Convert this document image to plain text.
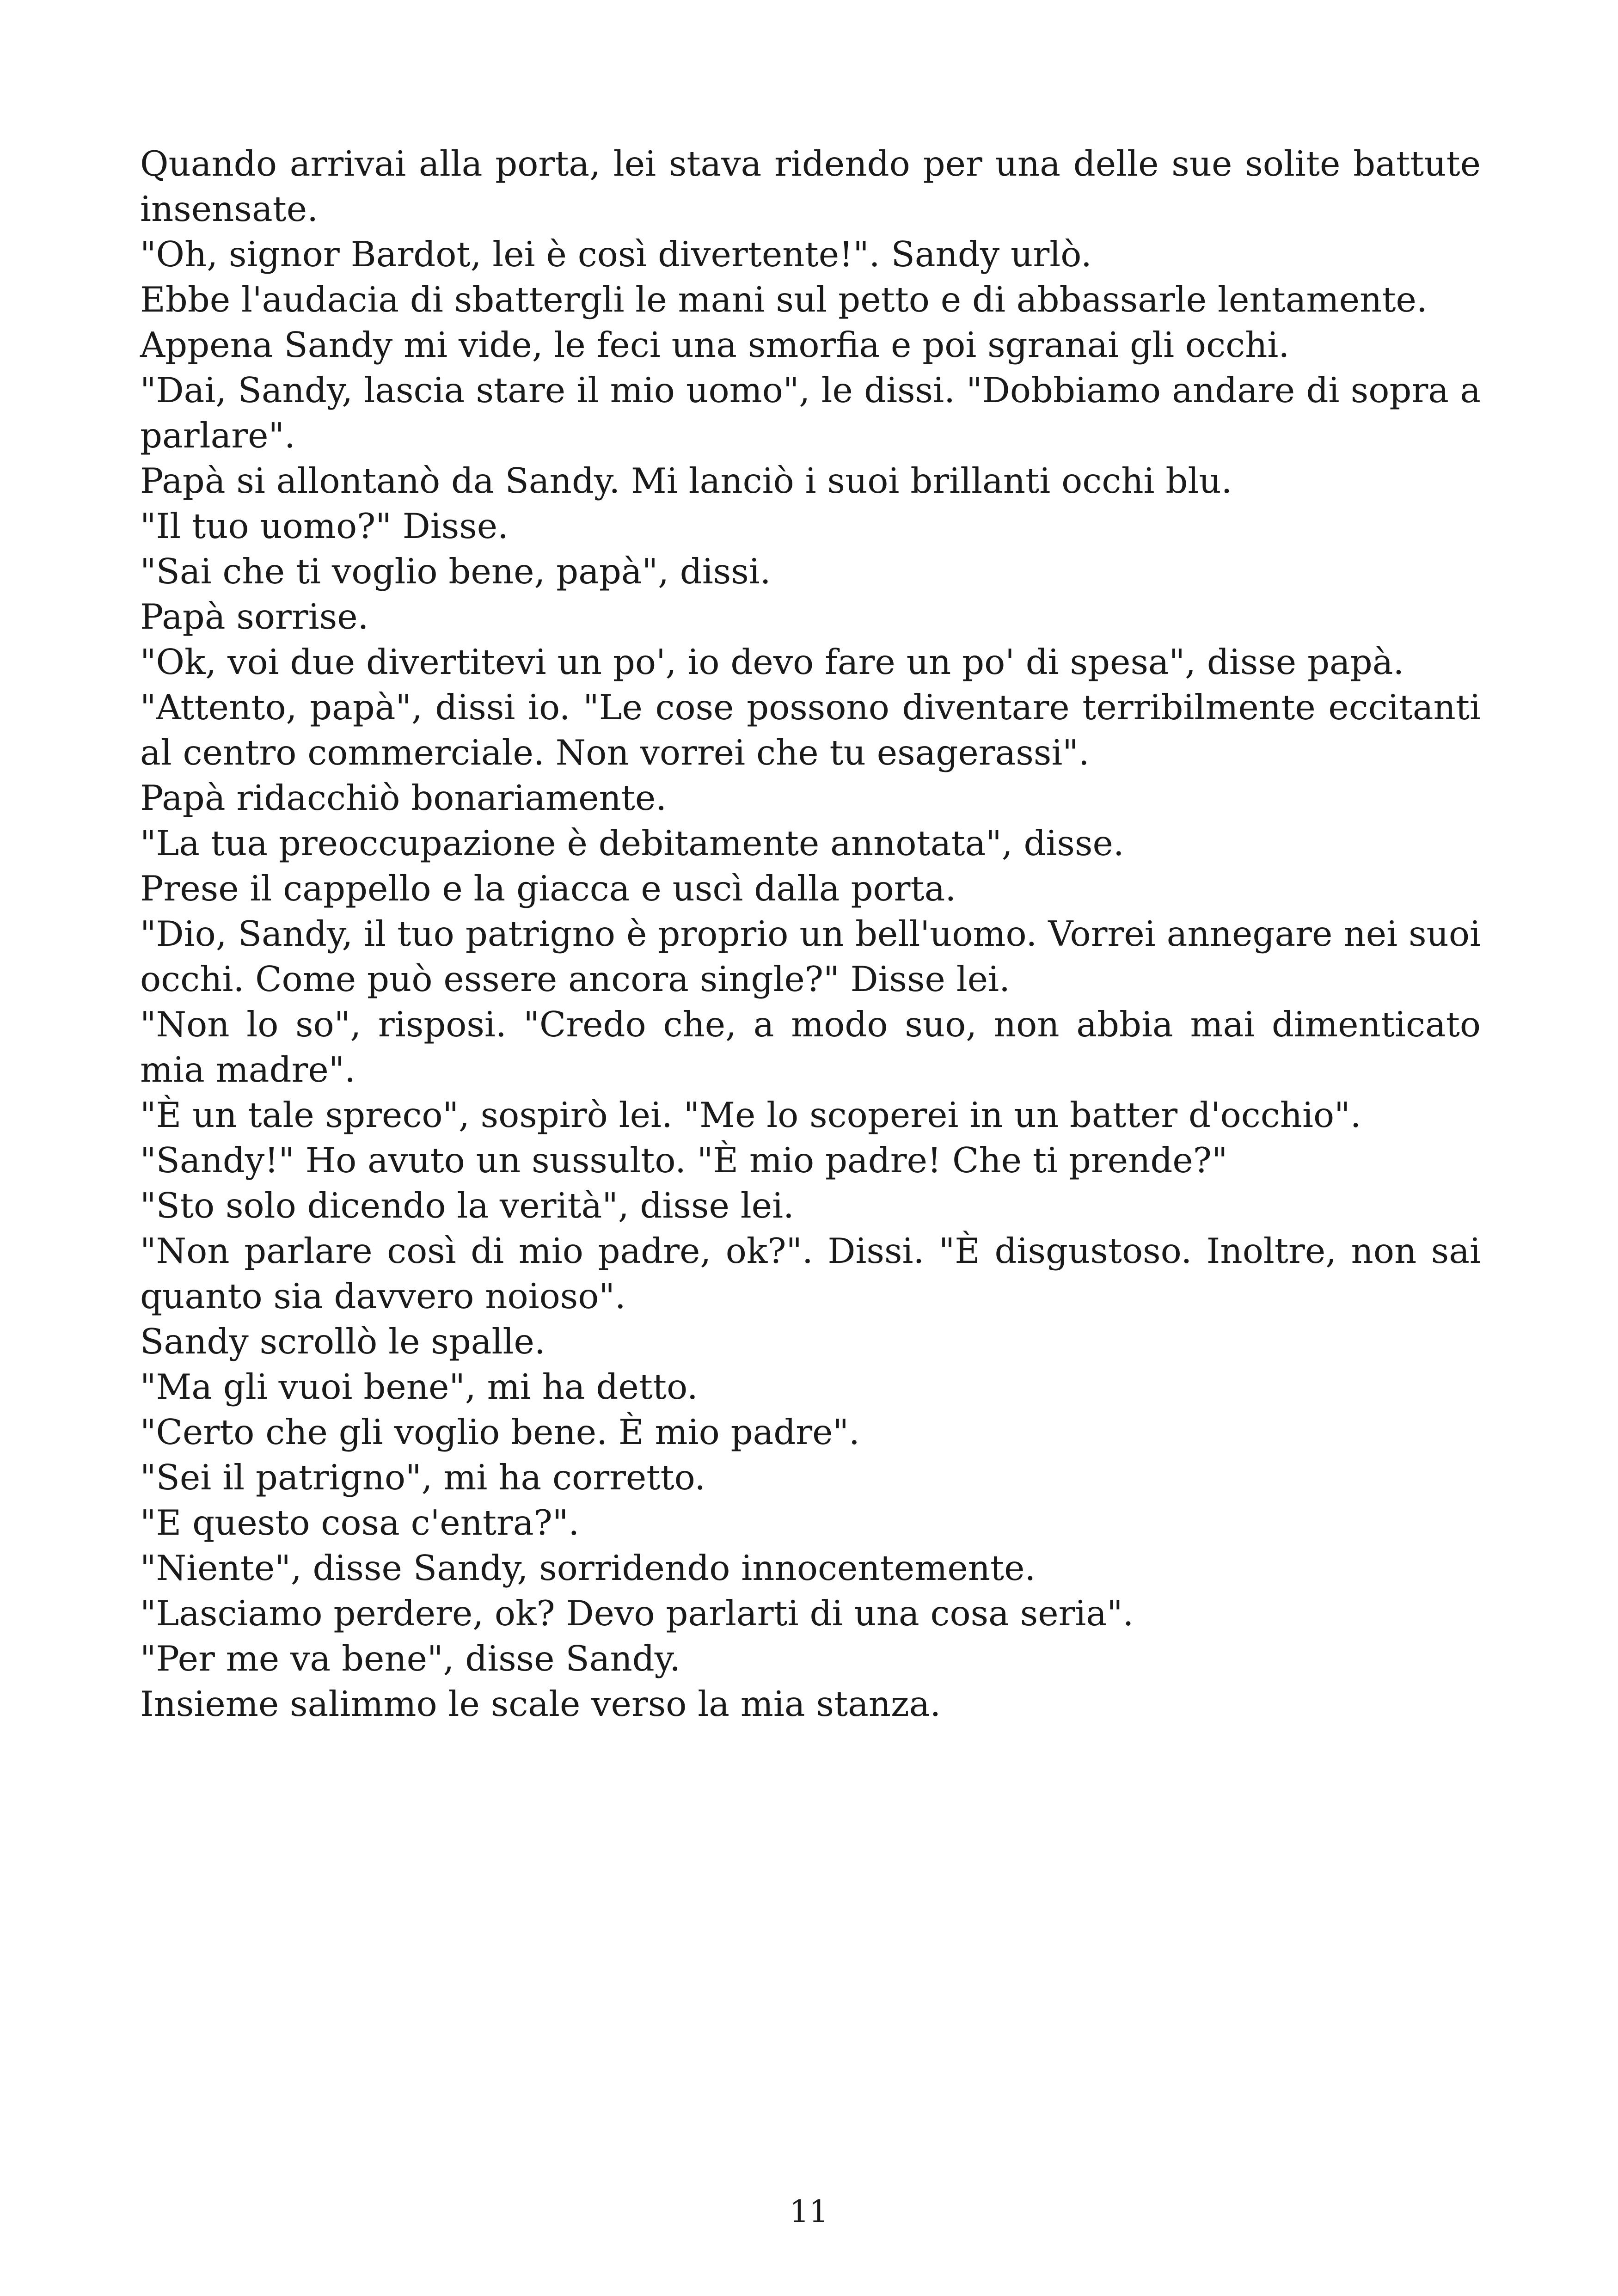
Quando arrivai alla porta, lei stava ridendo per una delle sue solite battute insensate.

"Oh, signor Bardot, lei è così divertente!". Sandy urlò.

Ebbe l'audacia di sbattergli le mani sul petto e di abbassarle lentamente.

Appena Sandy mi vide, le feci una smorfia e poi sgranai gli occhi.

"Dai, Sandy, lascia stare il mio uomo", le dissi. "Dobbiamo andare di sopra a parlare".

Papà si allontanò da Sandy. Mi lanciò i suoi brillanti occhi blu.

"Il tuo uomo?" Disse.

"Sai che ti voglio bene, papà", dissi.

Papà sorrise.

"Ok, voi due divertitevi un po', io devo fare un po' di spesa", disse papà.

"Attento, papà", dissi io. "Le cose possono diventare terribilmente eccitanti al centro commerciale. Non vorrei che tu esagerassi".

Papà ridacchiò bonariamente.

"La tua preoccupazione è debitamente annotata", disse.

Prese il cappello e la giacca e uscì dalla porta.

"Dio, Sandy, il tuo patrigno è proprio un bell'uomo. Vorrei annegare nei suoi occhi. Come può essere ancora single?" Disse lei.

"Non lo so", risposi. "Credo che, a modo suo, non abbia mai dimenticato mia madre".

"È un tale spreco", sospirò lei. "Me lo scoperei in un batter d'occhio".

"Sandy!" Ho avuto un sussulto. "È mio padre! Che ti prende?"

"Sto solo dicendo la verità", disse lei.

"Non parlare così di mio padre, ok?". Dissi. "È disgustoso. Inoltre, non sai quanto sia davvero noioso".

Sandy scrollò le spalle.

"Ma gli vuoi bene", mi ha detto.

"Certo che gli voglio bene. È mio padre".

"Sei il patrigno", mi ha corretto.

"E questo cosa c'entra?".

"Niente", disse Sandy, sorridendo innocentemente.

"Lasciamo perdere, ok? Devo parlarti di una cosa seria".

"Per me va bene", disse Sandy.

Insieme salimmo le scale verso la mia stanza.

11
